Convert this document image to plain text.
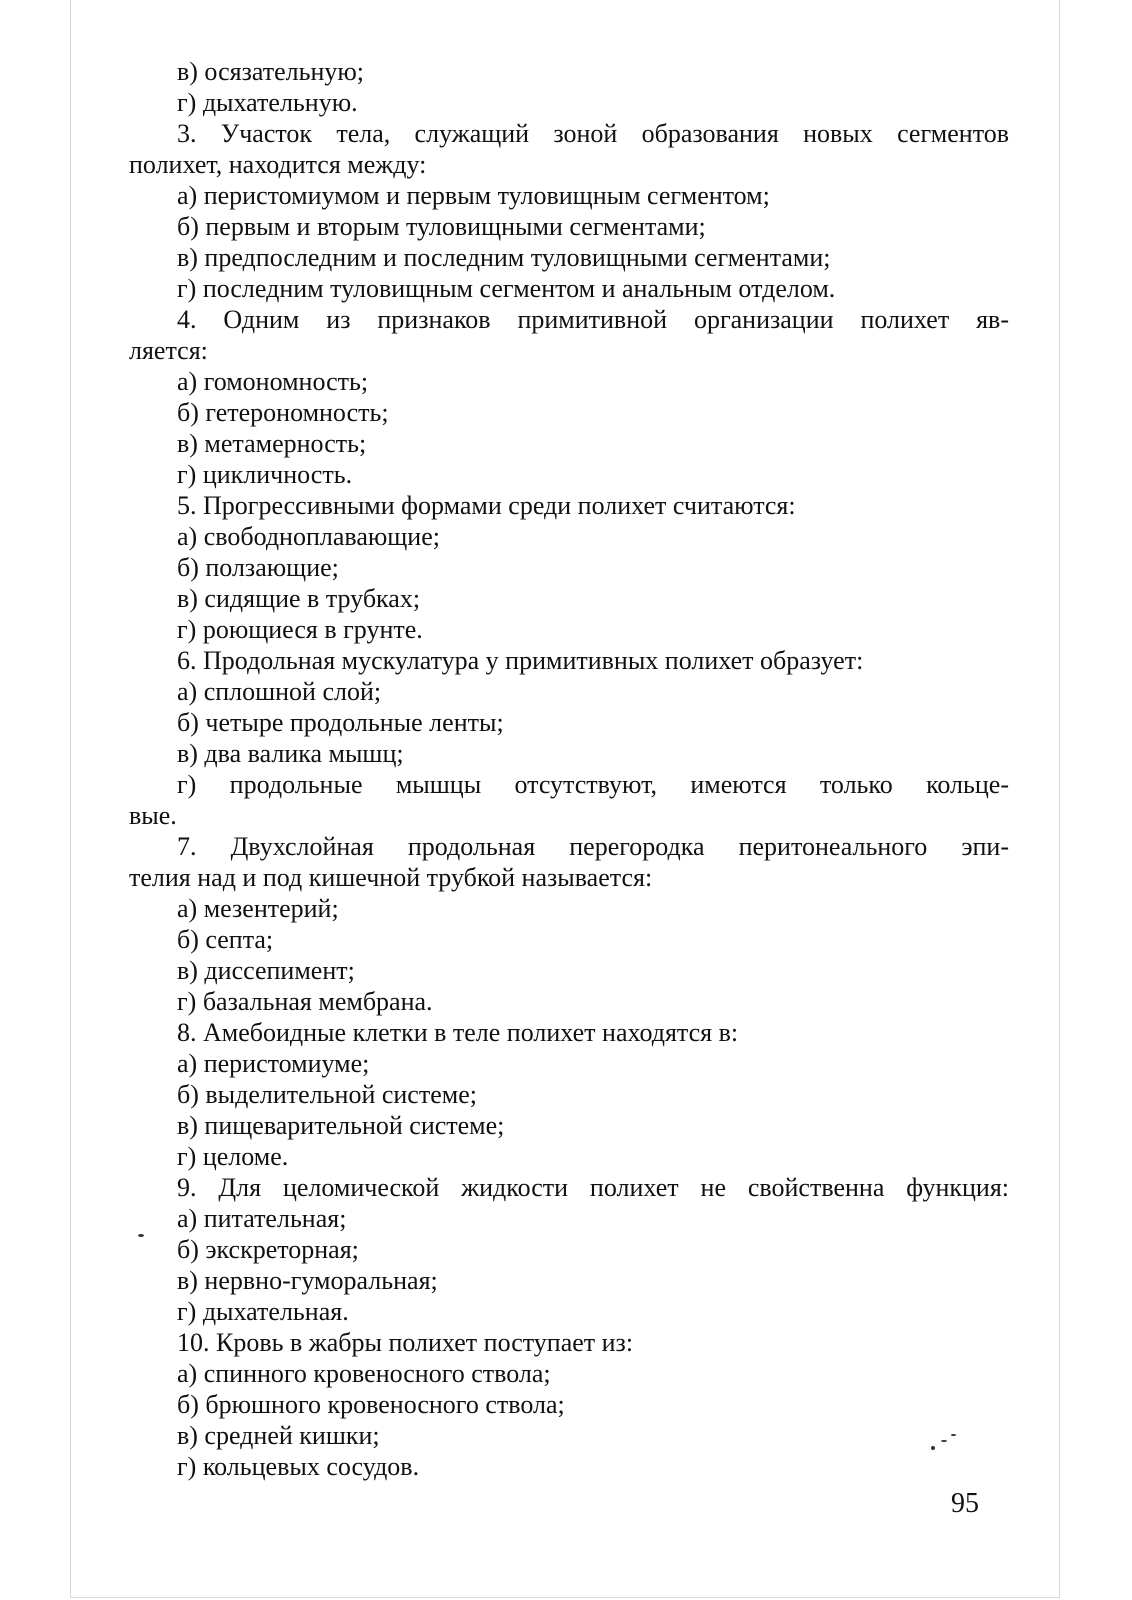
в) осязательную;
г) дыхательную.
3. Участок тела, служащий зоной образования новых сегментов
полихет, находится между:
а) перистомиумом и первым туловищным сегментом;
б) первым и вторым туловищными сегментами;
в) предпоследним и последним туловищными сегментами;
г) последним туловищным сегментом и анальным отделом.
4. Одним из признаков примитивной организации полихет яв-
ляется:
а) гомономность;
б) гетерономность;
в) метамерность;
г) цикличность.
5. Прогрессивными формами среди полихет считаются:
а) свободноплавающие;
б) ползающие;
в) сидящие в трубках;
г) роющиеся в грунте.
6. Продольная мускулатура у примитивных полихет образует:
а) сплошной слой;
б) четыре продольные ленты;
в) два валика мышц;
г) продольные мышцы отсутствуют, имеются только кольце-
вые.
7. Двухслойная продольная перегородка перитонеального эпи-
телия над и под кишечной трубкой называется:
а) мезентерий;
б) септа;
в) диссепимент;
г) базальная мембрана.
8. Амебоидные клетки в теле полихет находятся в:
а) перистомиуме;
б) выделительной системе;
в) пищеварительной системе;
г) целоме.
9. Для целомической жидкости полихет не свойственна функция:
а) питательная;
б) экскреторная;
в) нервно-гуморальная;
г) дыхательная.
10. Кровь в жабры полихет поступает из:
а) спинного кровеносного ствола;
б) брюшного кровеносного ствола;
в) средней кишки;
г) кольцевых сосудов.
95
